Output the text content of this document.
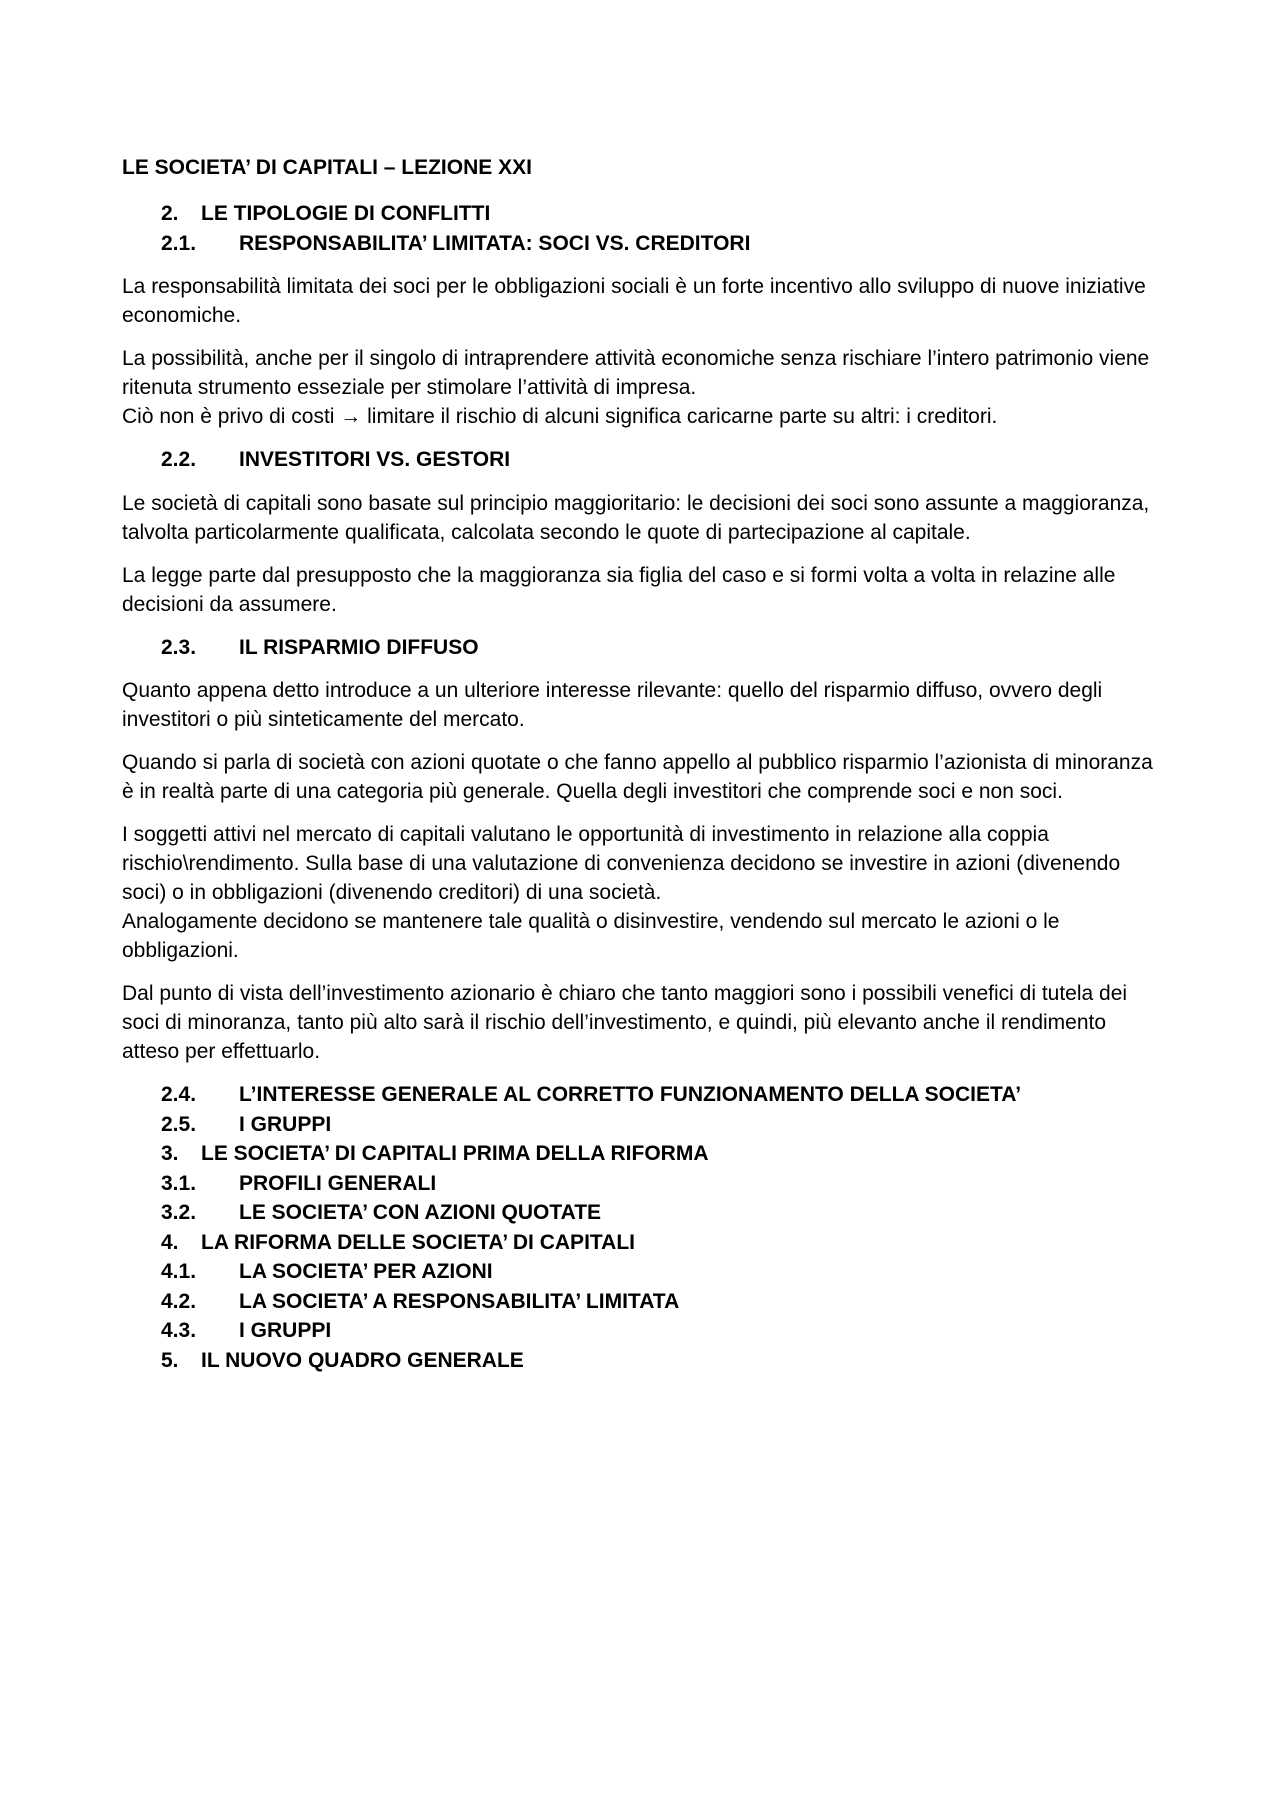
LE SOCIETA’ DI CAPITALI – LEZIONE XXI
2.	LE TIPOLOGIE DI CONFLITTI
2.1.	RESPONSABILITA’ LIMITATA: SOCI VS. CREDITORI
La responsabilità limitata dei soci per le obbligazioni sociali è un forte incentivo allo sviluppo di nuove iniziative economiche.
La possibilità, anche per il singolo di intraprendere attività economiche senza rischiare l’intero patrimonio viene ritenuta strumento esseziale per stimolare l’attività di impresa.
Ciò non è privo di costi → limitare il rischio di alcuni significa caricarne parte su altri: i creditori.
2.2.	INVESTITORI VS. GESTORI
Le società di capitali sono basate sul principio maggioritario: le decisioni dei soci sono assunte a maggioranza, talvolta particolarmente qualificata, calcolata secondo le quote di partecipazione al capitale.
La legge parte dal presupposto che la maggioranza sia figlia del caso e si formi volta a volta in relazine alle decisioni da assumere.
2.3.	IL RISPARMIO DIFFUSO
Quanto appena detto introduce a un ulteriore interesse rilevante: quello del risparmio diffuso, ovvero degli investitori o più sinteticamente del mercato.
Quando si parla di società con azioni quotate o che fanno appello al pubblico risparmio l’azionista di minoranza è in realtà parte di una categoria più generale. Quella degli investitori che comprende soci e non soci.
I soggetti attivi nel mercato di capitali valutano le opportunità di investimento in relazione alla coppia rischio\rendimento. Sulla base di una valutazione di convenienza decidono se investire in azioni (divenendo soci) o in obbligazioni (divenendo creditori) di una società.
Analogamente decidono se mantenere tale qualità o disinvestire, vendendo sul mercato le azioni o le obbligazioni.
Dal punto di vista dell’investimento azionario è chiaro che tanto maggiori sono i possibili venefici di tutela dei soci di minoranza, tanto più alto sarà il rischio dell’investimento, e quindi, più elevanto anche il rendimento atteso per effettuarlo.
2.4.	L’INTERESSE GENERALE AL CORRETTO FUNZIONAMENTO DELLA SOCIETA’
2.5.	I GRUPPI
3.	LE SOCIETA’ DI CAPITALI PRIMA DELLA RIFORMA
3.1.	PROFILI GENERALI
3.2.	LE SOCIETA’ CON AZIONI QUOTATE
4.	LA RIFORMA DELLE SOCIETA’ DI CAPITALI
4.1.	LA SOCIETA’ PER AZIONI
4.2.	LA SOCIETA’ A RESPONSABILITA’ LIMITATA
4.3.	I GRUPPI
5.	IL NUOVO QUADRO GENERALE
